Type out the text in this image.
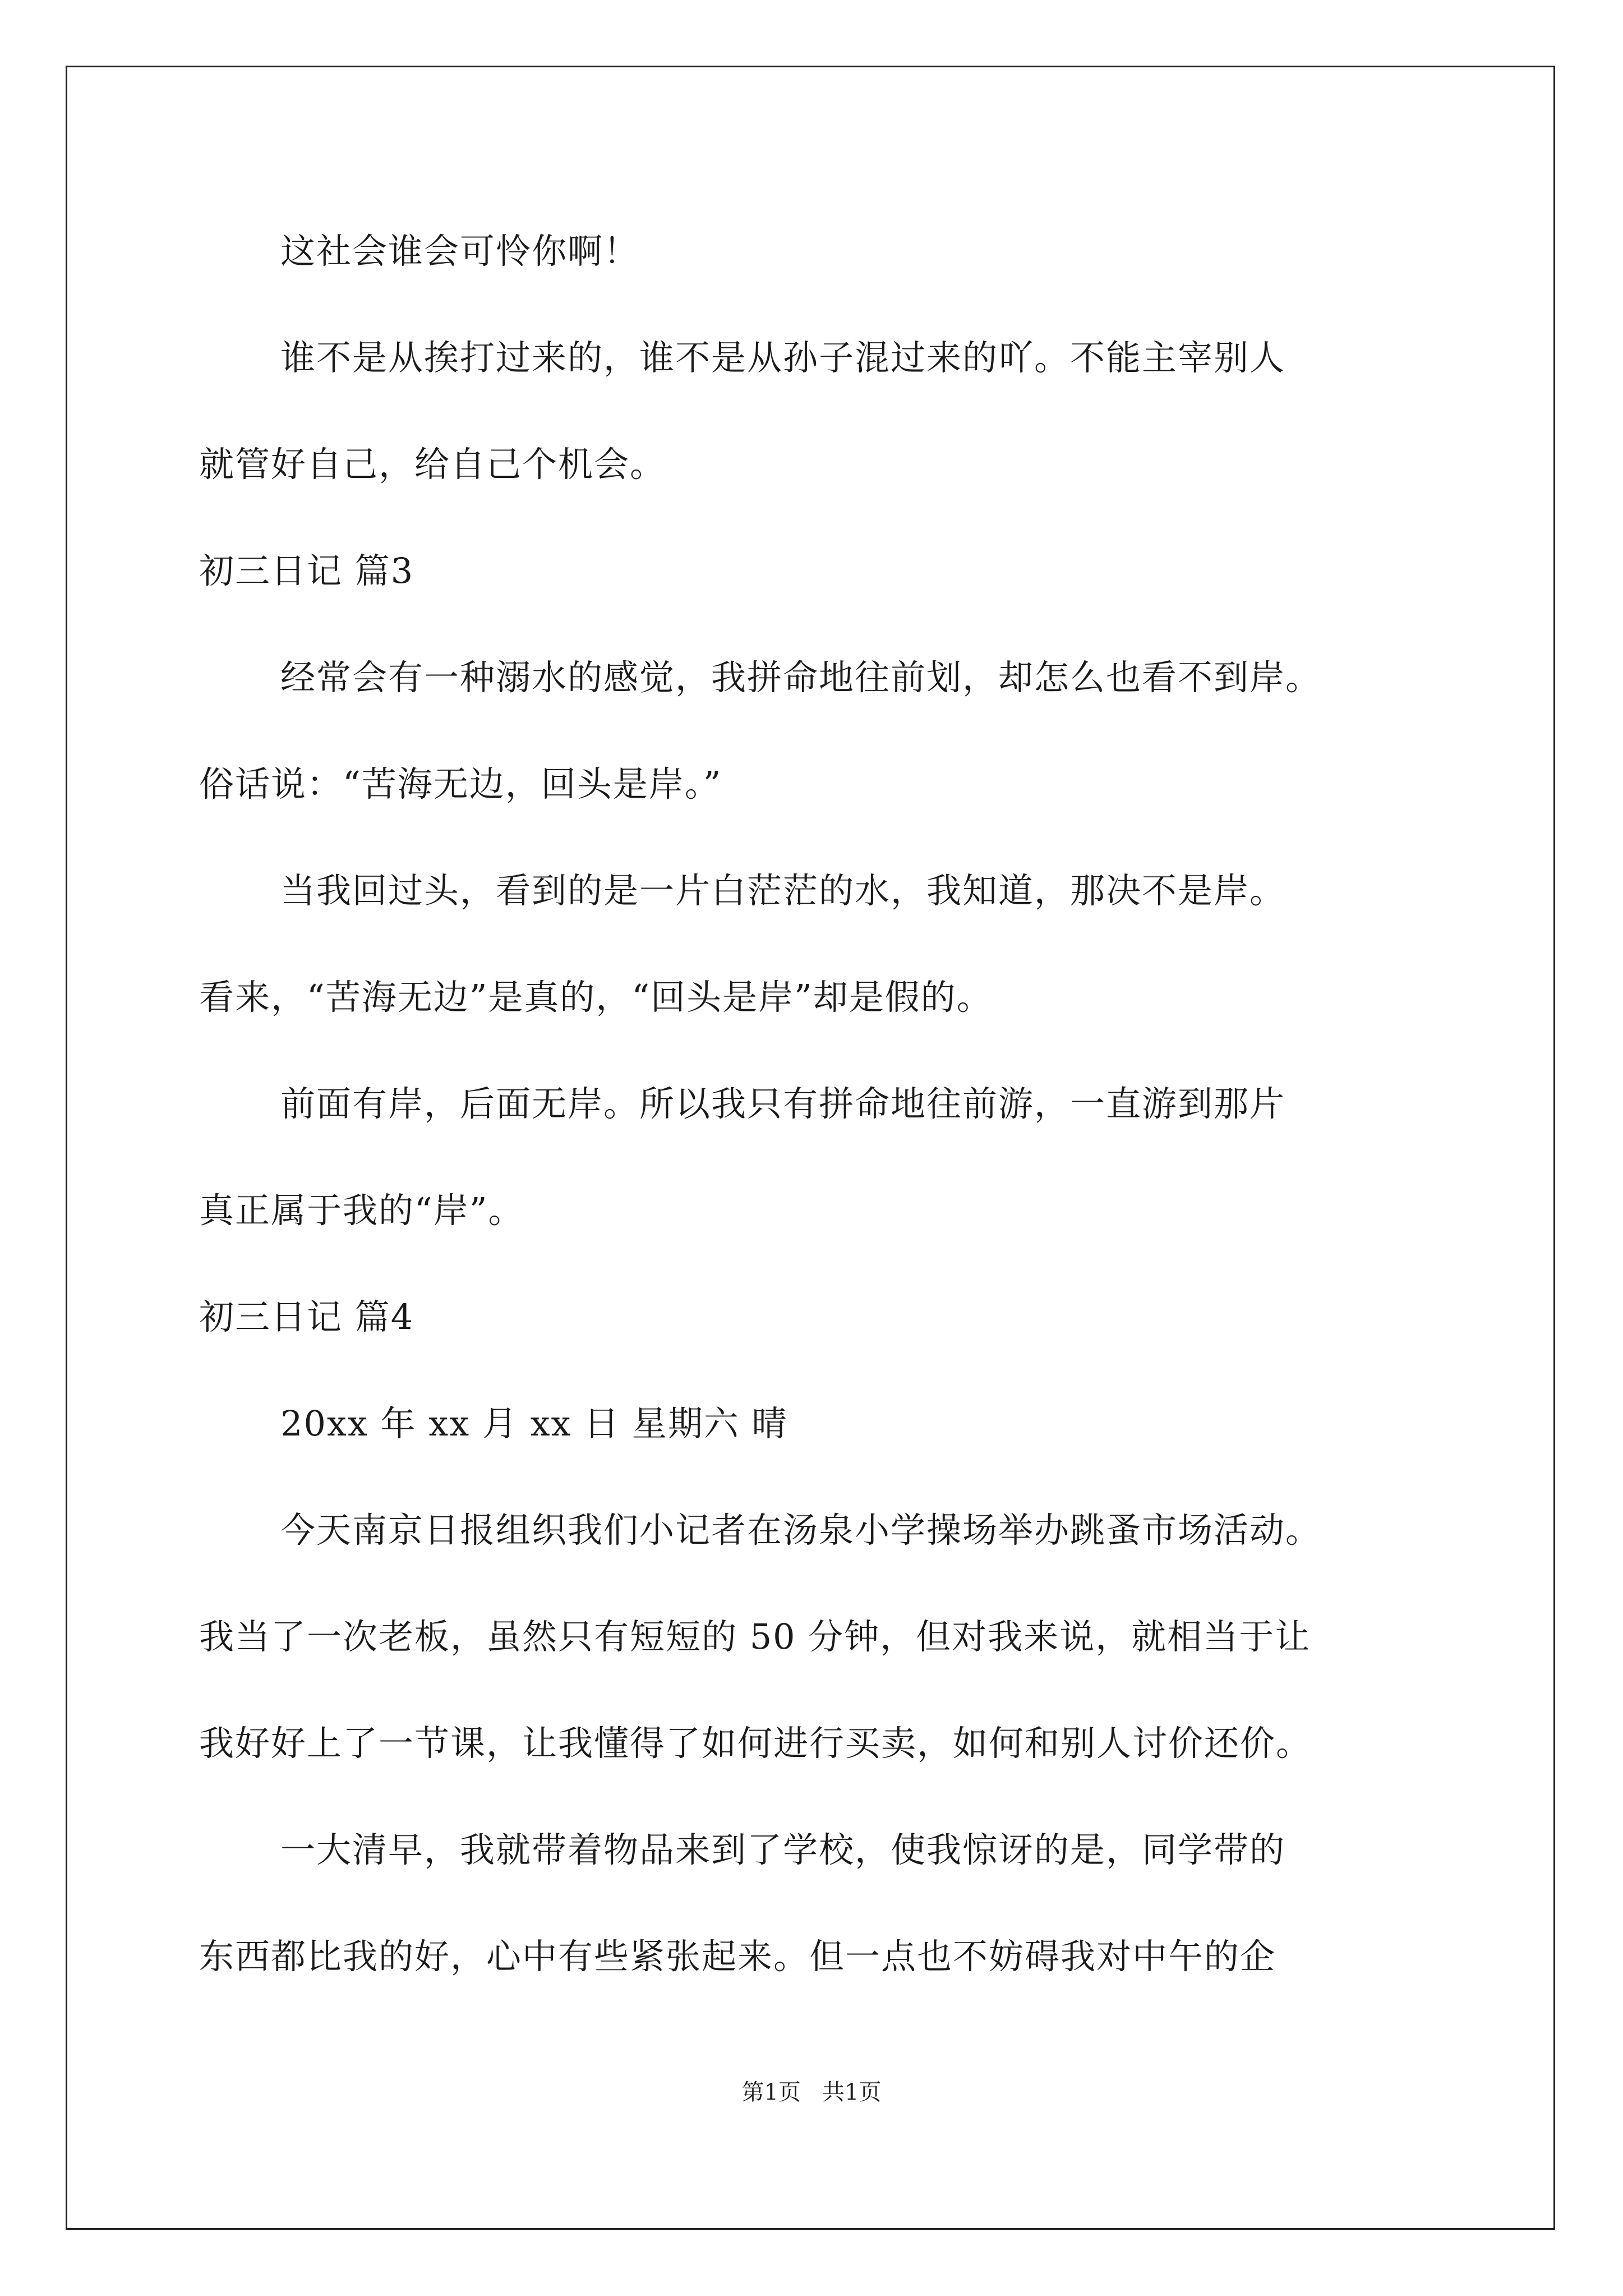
这社会谁会可怜你啊！
谁不是从挨打过来的，谁不是从孙子混过来的吖。不能主宰别人
就管好自己，给自己个机会。
初三日记 篇3
经常会有一种溺水的感觉，我拼命地往前划，却怎么也看不到岸。
俗话说：“苦海无边，回头是岸。”
当我回过头，看到的是一片白茫茫的水，我知道，那决不是岸。
看来，“苦海无边”是真的，“回头是岸”却是假的。
前面有岸，后面无岸。所以我只有拼命地往前游，一直游到那片
真正属于我的“岸”。
初三日记 篇4
20xx 年 xx 月 xx 日 星期六 晴
今天南京日报组织我们小记者在汤泉小学操场举办跳蚤市场活动。
我当了一次老板，虽然只有短短的 50 分钟，但对我来说，就相当于让
我好好上了一节课，让我懂得了如何进行买卖，如何和别人讨价还价。
一大清早，我就带着物品来到了学校，使我惊讶的是，同学带的
东西都比我的好，心中有些紧张起来。但一点也不妨碍我对中午的企
第1页   共1页
